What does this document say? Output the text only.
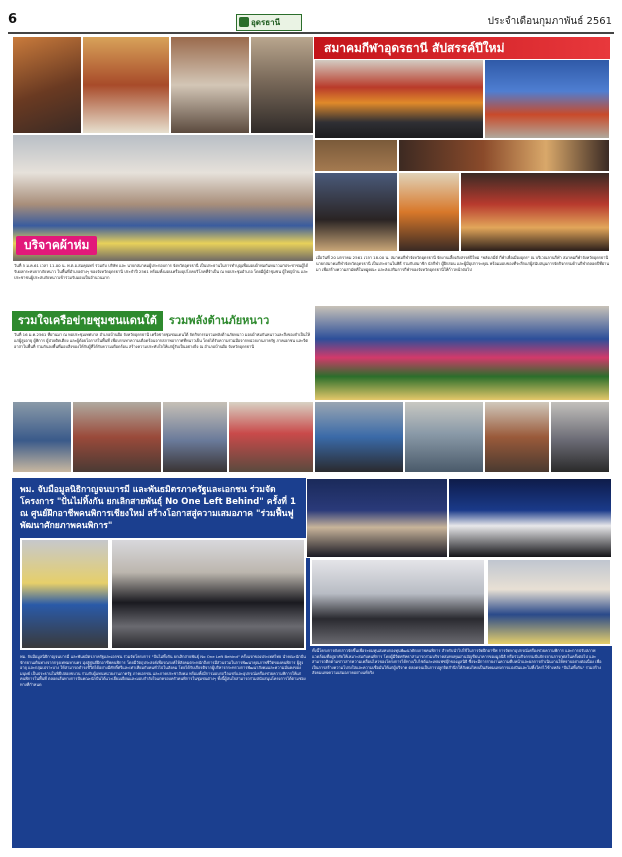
6	อุดรธานี	ประจำเดือนกุมภาพันธ์ 2561
บริจาคผ้าห่ม
สมาคมกีฬาอุดรธานี สัปสรรค์ปีใหม่

วันที่ 5 ม.ค.61 เวลา 11.00 น. พ.ต.อ.สมคุณทร์ ร่วมกับ บริษัท และ นายกสมาคมผู้ประกอบการ จังหวัดอุดรธานี เป็นประธานในการทำบุญเพื่อมอบผ้าห่มกันหนาวแก่ประชาชนผู้ได้รับผลกระทบจากภัยหนาว ในพื้นที่อำเภอต่างๆ ของจังหวัดอุดรธานี ประจำปี 2561 พร้อมทั้งมอบเครื่องอุปโภคบริโภคที่จำเป็น ณ หอประชุมอำเภอ โดยมีผู้นำชุมชน ผู้ใหญ่บ้าน และประชาชนผู้ประสบภัยหนาวเข้าร่วมรับมอบเป็นจำนวนมาก

เมื่อวันที่ 20 มกราคม 2561 เวลา 18.00 น. สมาคมกีฬาจังหวัดอุดรธานี จัดงานเลี้ยงสังสรรค์ปีใหม่ "พลังเกมีต์ กีฬาเพื่อเมืองอุดร" ณ บริเวณลานกีฬา สมาคมกีฬาจังหวัดอุดรธานี นายกสมาคมกีฬาจังหวัดอุดรธานี เป็นประธานในพิธี ร่วมกับสมาชิก นักกีฬา ผู้ฝึกสอน และผู้มีอุปการะคุณ พร้อมมอบของที่ระลึกแก่ผู้สนับสนุนการจัดกิจกรรมด้านกีฬาตลอดปีที่ผ่านมา เพื่อสร้างความสามัคคีในหมู่คณะ และส่งเสริมการกีฬาของจังหวัดอุดรธานีให้ก้าวหน้าต่อไป

รวมใจเครือข่ายชุมชนแดนใต้ รวมพลังต้านภัยหนาว

วันที่ 16 ม.ค.2561 ที่ผ่านมา ณ หอประชุมเทศบาล อำเภอบ้านผือ จังหวัดอุดรธานี เครือข่ายชุมชนแดนใต้ จัดกิจกรรมรวมพลังต้านภัยหนาว มอบผ้าห่มกันหนาวและสิ่งของจำเป็นให้แก่ผู้สูงอายุ ผู้พิการ ผู้ป่วยติดเตียง และผู้ด้อยโอกาสในพื้นที่ เพื่อบรรเทาความเดือดร้อนจากสภาพอากาศที่หนาวเย็น โดยได้รับความร่วมมือจากหน่วยงานภาครัฐ ภาคเอกชน และจิตอาสาในพื้นที่ ร่วมกันลงพื้นที่มอบสิ่งของให้กับผู้ที่ได้รับความเดือดร้อน สร้างความประทับใจให้แก่ผู้รับเป็นอย่างยิ่ง ณ อำเภอบ้านผือ จังหวัดอุดรธานี

พม. จับมือมูลนิธิกาญจนบารมี และพันธมิตรภาครัฐและเอกชน ร่วมจัดโครงการ "ปั่นไม่ทิ้งกัน ยกเลิกสายพันธุ์ No One Left Behind" ครั้งที่ 1 ณ ศูนย์ฝึกอาชีพคนพิการเชียงใหม่ สร้างโอกาสสู่ความเสมอภาค "ร่วมฟื้นฟูพัฒนาศักยภาพคนพิการ"

พม. จับมือมูลนิธิกาญจนบารมี และพันธมิตรภาครัฐและเอกชน ร่วมจัดโครงการ "ปั่นไม่ทิ้งกัน ยกเลิกสายพันธุ์ No One Left Behind" ครั้งแรกของประเทศไทย นำคณะนักปั่นจักรยานเดินทางจากกรุงเทพมหานคร มุ่งสู่ศูนย์ฝึกอาชีพคนพิการ โดยมีวัตถุประสงค์เพื่อรณรงค์ให้สังคมตระหนักถึงการมีส่วนร่วมในการพัฒนาคุณภาพชีวิตของคนพิการ ผู้สูงอายุ และกลุ่มเปราะบาง ให้สามารถดำรงชีวิตได้อย่างมีศักดิ์ศรีและเท่าเทียมกับคนทั่วไปในสังคม โดยได้รับเกียรติจากผู้บริหารกระทรวงการพัฒนาสังคมและความมั่นคงของมนุษย์ เป็นประธานในพิธีปล่อยขบวน ร่วมกับผู้แทนหน่วยงานภาครัฐ ภาคเอกชน และภาคประชาสังคม พร้อมทั้งมีการมอบรถวีลแชร์และอุปกรณ์เครื่องช่วยความพิการให้แก่คนพิการในพื้นที่ ตลอดเส้นทางการปั่นคณะนักปั่นได้แวะเยี่ยมเยียนและมอบกำลังใจแก่ครอบครัวคนพิการในชุมชนต่างๆ ทั้งนี้ผู้สนใจสามารถร่วมสนับสนุนโครงการได้ตามช่องทางที่กำหนด

ทั้งนี้โครงการดังกล่าวจัดขึ้นเพื่อระดมทุนสมทบกองทุนพัฒนาศักยภาพคนพิการ สำหรับนำไปใช้ในการจัดฝึกอาชีพ การจัดหาอุปกรณ์เครื่องช่วยความพิการ และการปรับสภาพแวดล้อมที่อยู่อาศัยให้เหมาะสมกับคนพิการ โดยผู้มีจิตศรัทธาสามารถร่วมบริจาคสมทบทุนผ่านบัญชีธนาคารของมูลนิธิ หรือร่วมกิจกรรมปั่นจักรยานการกุศลในครั้งต่อไป และสามารถติดตามข่าวสารความเคลื่อนไหวของโครงการได้ทางเว็บไซต์และเพจเฟซบุ๊กของมูลนิธิ ซึ่งจะมีการรายงานความคืบหน้าและผลการดำเนินงานให้ทราบอย่างต่อเนื่อง เพื่อเป็นการสร้างความโปร่งใสและความเชื่อมั่นให้แก่ผู้บริจาค ตลอดจนเป็นการปลูกจิตสำนึกให้สังคมไทยเป็นสังคมแห่งการแบ่งปันและไม่ทิ้งใครไว้ข้างหลัง "ปั่นไม่ทิ้งกัน" ร่วมสร้างสังคมแห่งความเสมอภาคอย่างแท้จริง
